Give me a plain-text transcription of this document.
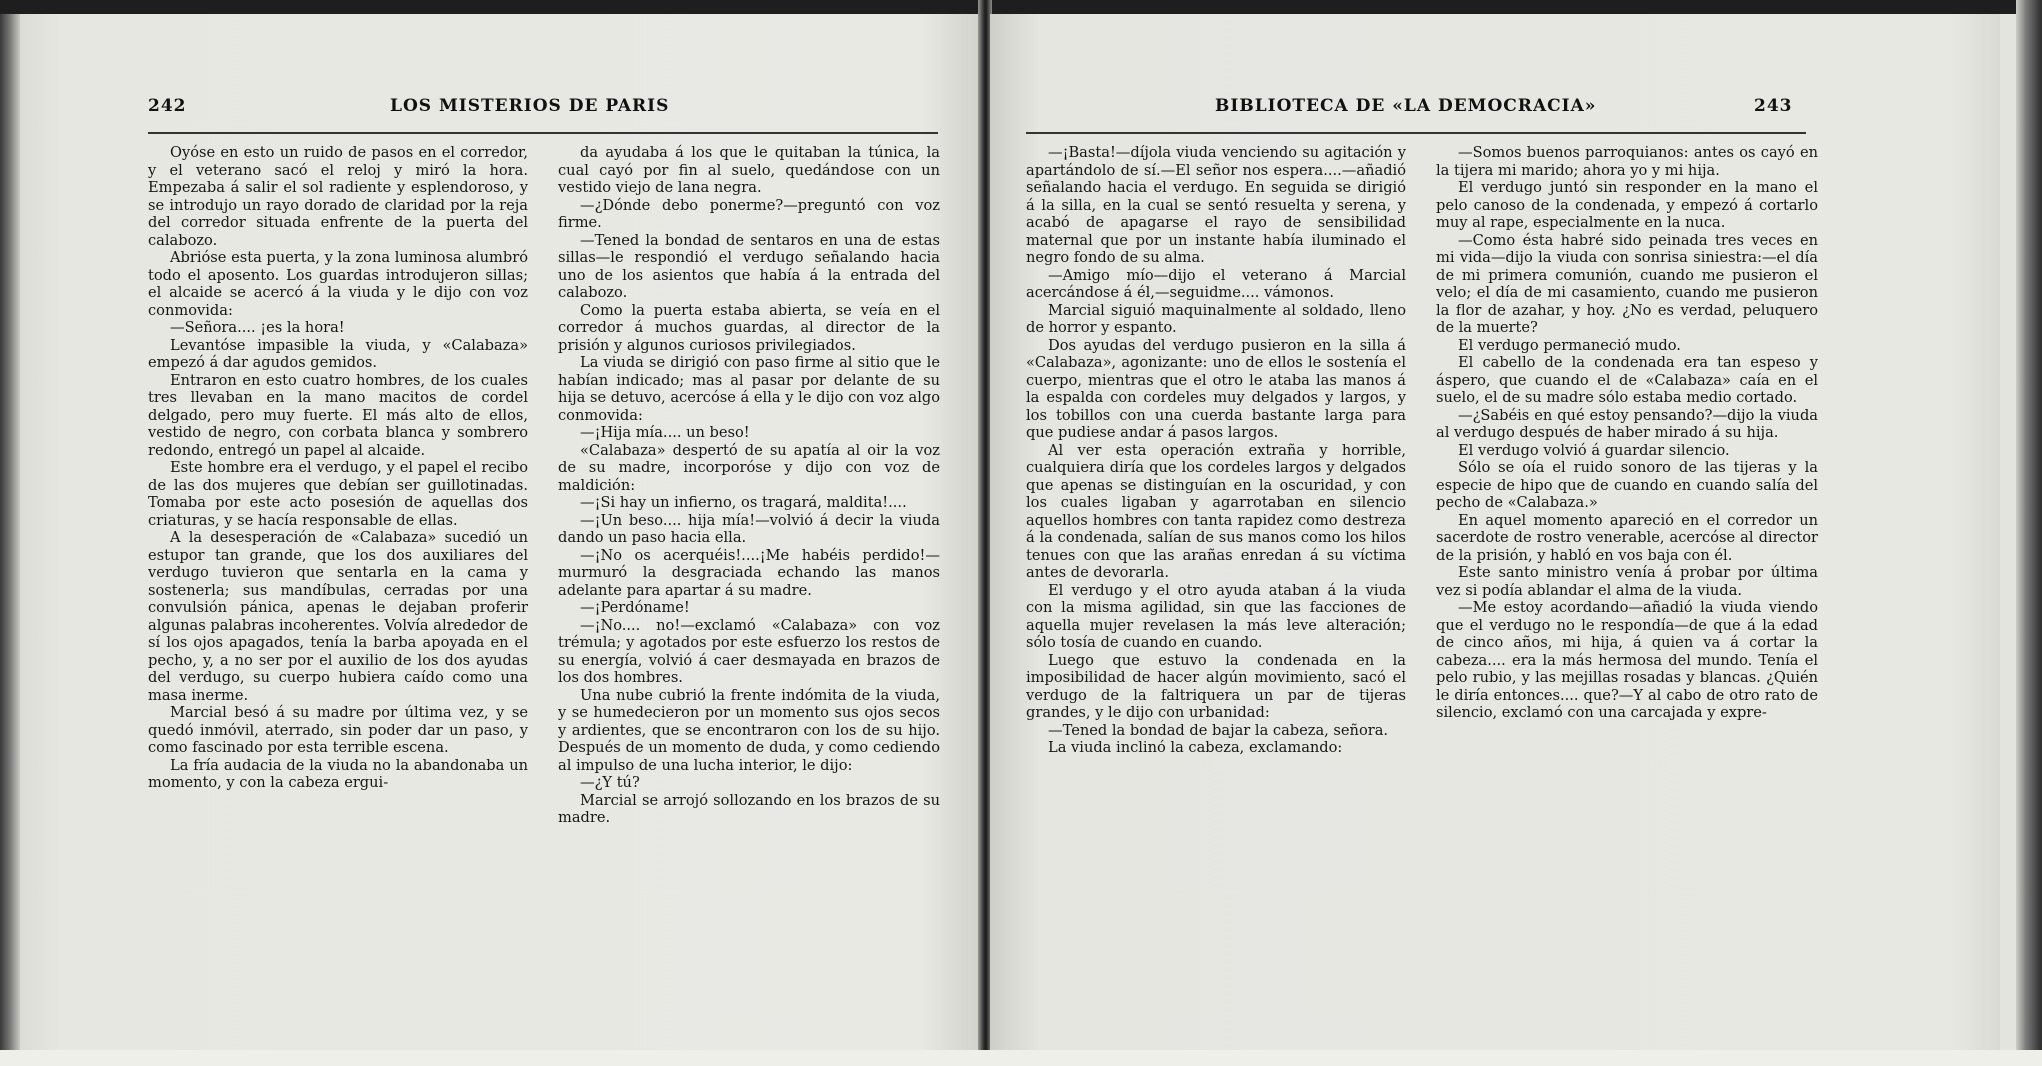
242	LOS MISTERIOS DE PARIS

Oyóse en esto un ruido de pasos en el corredor, y el veterano sacó el reloj y miró la hora. Empezaba á salir el sol radiente y esplendoroso, y se introdujo un rayo dorado de claridad por la reja del corredor situada enfrente de la puerta del calabozo.

Abrióse esta puerta, y la zona luminosa alumbró todo el aposento. Los guardas introdujeron sillas; el alcaide se acercó á la viuda y le dijo con voz conmovida:

—Señora.... ¡es la hora!

Levantóse impasible la viuda, y «Calabaza» empezó á dar agudos gemidos.

Entraron en esto cuatro hombres, de los cuales tres llevaban en la mano macitos de cordel delgado, pero muy fuerte. El más alto de ellos, vestido de negro, con corbata blanca y sombrero redondo, entregó un papel al alcaide.

Este hombre era el verdugo, y el papel el recibo de las dos mujeres que debían ser guillotinadas. Tomaba por este acto posesión de aquellas dos criaturas, y se hacía responsable de ellas.

A la desesperación de «Calabaza» sucedió un estupor tan grande, que los dos auxiliares del verdugo tuvieron que sentarla en la cama y sostenerla; sus mandíbulas, cerradas por una convulsión pánica, apenas le dejaban proferir algunas palabras incoherentes. Volvía alrededor de sí los ojos apagados, tenía la barba apoyada en el pecho, y, a no ser por el auxilio de los dos ayudas del verdugo, su cuerpo hubiera caído como una masa inerme.

Marcial besó á su madre por última vez, y se quedó inmóvil, aterrado, sin poder dar un paso, y como fascinado por esta terrible escena.

La fría audacia de la viuda no la abandonaba un momento, y con la cabeza ergui-

da ayudaba á los que le quitaban la túnica, la cual cayó por fin al suelo, quedándose con un vestido viejo de lana negra.

—¿Dónde debo ponerme?—preguntó con voz firme.

—Tened la bondad de sentaros en una de estas sillas—le respondió el verdugo señalando hacia uno de los asientos que había á la entrada del calabozo.

Como la puerta estaba abierta, se veía en el corredor á muchos guardas, al director de la prisión y algunos curiosos privilegiados.

La viuda se dirigió con paso firme al sitio que le habían indicado; mas al pasar por delante de su hija se detuvo, acercóse á ella y le dijo con voz algo conmovida:

—¡Hija mía.... un beso!

«Calabaza» despertó de su apatía al oir la voz de su madre, incorporóse y dijo con voz de maldición:

—¡Si hay un infierno, os tragará, maldita!....

—¡Un beso.... hija mía!—volvió á decir la viuda dando un paso hacia ella.

—¡No os acerquéis!....¡Me habéis perdido!—murmuró la desgraciada echando las manos adelante para apartar á su madre.

—¡Perdóname!

—¡No.... no!—exclamó «Calabaza» con voz trémula; y agotados por este esfuerzo los restos de su energía, volvió á caer desmayada en brazos de los dos hombres.

Una nube cubrió la frente indómita de la viuda, y se humedecieron por un momento sus ojos secos y ardientes, que se encontraron con los de su hijo. Después de un momento de duda, y como cediendo al impulso de una lucha interior, le dijo:

—¿Y tú?

Marcial se arrojó sollozando en los brazos de su madre.

BIBLIOTECA DE «LA DEMOCRACIA»	243

—¡Basta!—díjola viuda venciendo su agitación y apartándolo de sí.—El señor nos espera....—añadió señalando hacia el verdugo. En seguida se dirigió á la silla, en la cual se sentó resuelta y serena, y acabó de apagarse el rayo de sensibilidad maternal que por un instante había iluminado el negro fondo de su alma.

—Amigo mío—dijo el veterano á Marcial acercándose á él,—seguidme.... vámonos.

Marcial siguió maquinalmente al soldado, lleno de horror y espanto.

Dos ayudas del verdugo pusieron en la silla á «Calabaza», agonizante: uno de ellos le sostenía el cuerpo, mientras que el otro le ataba las manos á la espalda con cordeles muy delgados y largos, y los tobillos con una cuerda bastante larga para que pudiese andar á pasos largos.

Al ver esta operación extraña y horrible, cualquiera diría que los cordeles largos y delgados que apenas se distinguían en la oscuridad, y con los cuales ligaban y agarrotaban en silencio aquellos hombres con tanta rapidez como destreza á la condenada, salían de sus manos como los hilos tenues con que las arañas enredan á su víctima antes de devorarla.

El verdugo y el otro ayuda ataban á la viuda con la misma agilidad, sin que las facciones de aquella mujer revelasen la más leve alteración; sólo tosía de cuando en cuando.

Luego que estuvo la condenada en la imposibilidad de hacer algún movimiento, sacó el verdugo de la faltriquera un par de tijeras grandes, y le dijo con urbanidad:

—Tened la bondad de bajar la cabeza, señora.

La viuda inclinó la cabeza, exclamando:

—Somos buenos parroquianos: antes os cayó en la tijera mi marido; ahora yo y mi hija.

El verdugo juntó sin responder en la mano el pelo canoso de la condenada, y empezó á cortarlo muy al rape, especialmente en la nuca.

—Como ésta habré sido peinada tres veces en mi vida—dijo la viuda con sonrisa siniestra:—el día de mi primera comunión, cuando me pusieron el velo; el día de mi casamiento, cuando me pusieron la flor de azahar, y hoy. ¿No es verdad, peluquero de la muerte?

El verdugo permaneció mudo.

El cabello de la condenada era tan espeso y áspero, que cuando el de «Calabaza» caía en el suelo, el de su madre sólo estaba medio cortado.

—¿Sabéis en qué estoy pensando?—dijo la viuda al verdugo después de haber mirado á su hija.

El verdugo volvió á guardar silencio.

Sólo se oía el ruido sonoro de las tijeras y la especie de hipo que de cuando en cuando salía del pecho de «Calabaza.»

En aquel momento apareció en el corredor un sacerdote de rostro venerable, acercóse al director de la prisión, y habló en vos baja con él.

Este santo ministro venía á probar por última vez si podía ablandar el alma de la viuda.

—Me estoy acordando—añadió la viuda viendo que el verdugo no le respondía—de que á la edad de cinco años, mi hija, á quien va á cortar la cabeza.... era la más hermosa del mundo. Tenía el pelo rubio, y las mejillas rosadas y blancas. ¿Quién le diría entonces.... que?—Y al cabo de otro rato de silencio, exclamó con una carcajada y expre-
